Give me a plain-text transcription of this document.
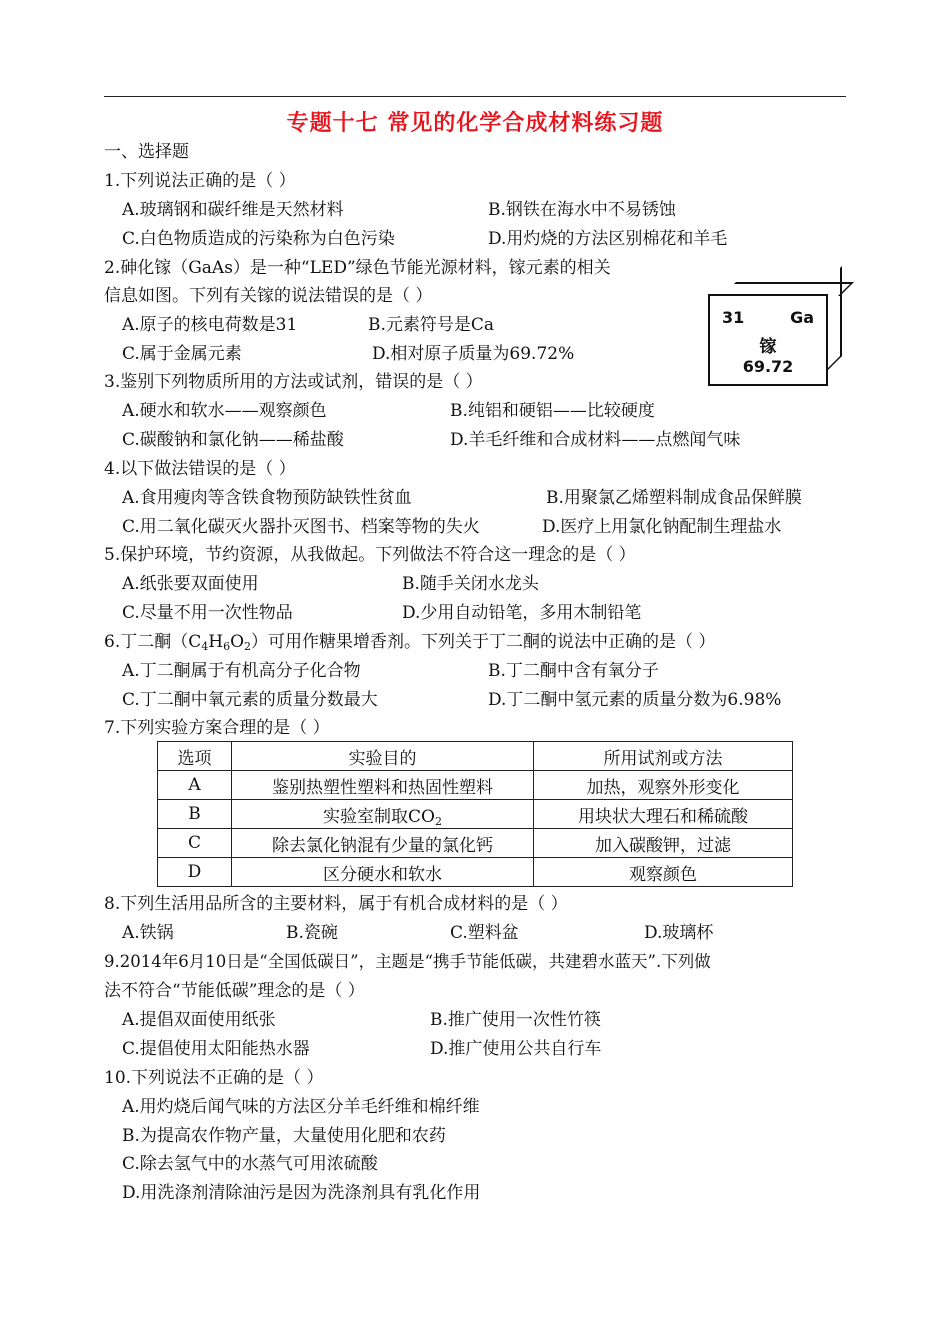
专题十七 常见的化学合成材料练习题
一、选择题
1.下列说法正确的是（ ）
A.玻璃钢和碳纤维是天然材料	B.钢铁在海水中不易锈蚀
C.白色物质造成的污染称为白色污染	D.用灼烧的方法区别棉花和羊毛
2.砷化镓（GaAs）是一种“LED”绿色节能光源材料，镓元素的相关
信息如图。下列有关镓的说法错误的是（ ）
A.原子的核电荷数是31	B.元素符号是Ca
C.属于金属元素	D.相对原子质量为69.72%
31	Ga
镓
69.72
3.鉴别下列物质所用的方法或试剂，错误的是（ ）
A.硬水和软水——观察颜色	B.纯铝和硬铝——比较硬度
C.碳酸钠和氯化钠——稀盐酸	D.羊毛纤维和合成材料——点燃闻气味
4.以下做法错误的是（ ）
A.食用瘦肉等含铁食物预防缺铁性贫血	B.用聚氯乙烯塑料制成食品保鲜膜
C.用二氧化碳灭火器扑灭图书、档案等物的失火	D.医疗上用氯化钠配制生理盐水
5.保护环境，节约资源，从我做起。下列做法不符合这一理念的是（ ）
A.纸张要双面使用	B.随手关闭水龙头
C.尽量不用一次性物品	D.少用自动铅笔，多用木制铅笔
6.丁二酮$(C_4H_6O_2)$可用作糖果增香剂。下列关于丁二酮的说法中正确的是（ ）
A.丁二酮属于有机高分子化合物	B.丁二酮中含有氧分子
C.丁二酮中氧元素的质量分数最大	D.丁二酮中氢元素的质量分数为6.98%
7.下列实验方案合理的是（ ）
选项	实验目的	所用试剂或方法
A	鉴别热塑性塑料和热固性塑料	加热，观察外形变化
B	实验室制取$CO_2$	用块状大理石和稀硫酸
C	除去氯化钠混有少量的氯化钙	加入碳酸钾，过滤
D	区分硬水和软水	观察颜色
8.下列生活用品所含的主要材料，属于有机合成材料的是（ ）
A.铁锅	B.瓷碗	C.塑料盆	D.玻璃杯
9.2014年6月10日是“全国低碳日”，主题是“携手节能低碳，共建碧水蓝天”.下列做
法不符合“节能低碳”理念的是（ ）
A.提倡双面使用纸张	B.推广使用一次性竹筷
C.提倡使用太阳能热水器	D.推广使用公共自行车
10.下列说法不正确的是（ ）
A.用灼烧后闻气味的方法区分羊毛纤维和棉纤维
B.为提高农作物产量，大量使用化肥和农药
C.除去氢气中的水蒸气可用浓硫酸
D.用洗涤剂清除油污是因为洗涤剂具有乳化作用
